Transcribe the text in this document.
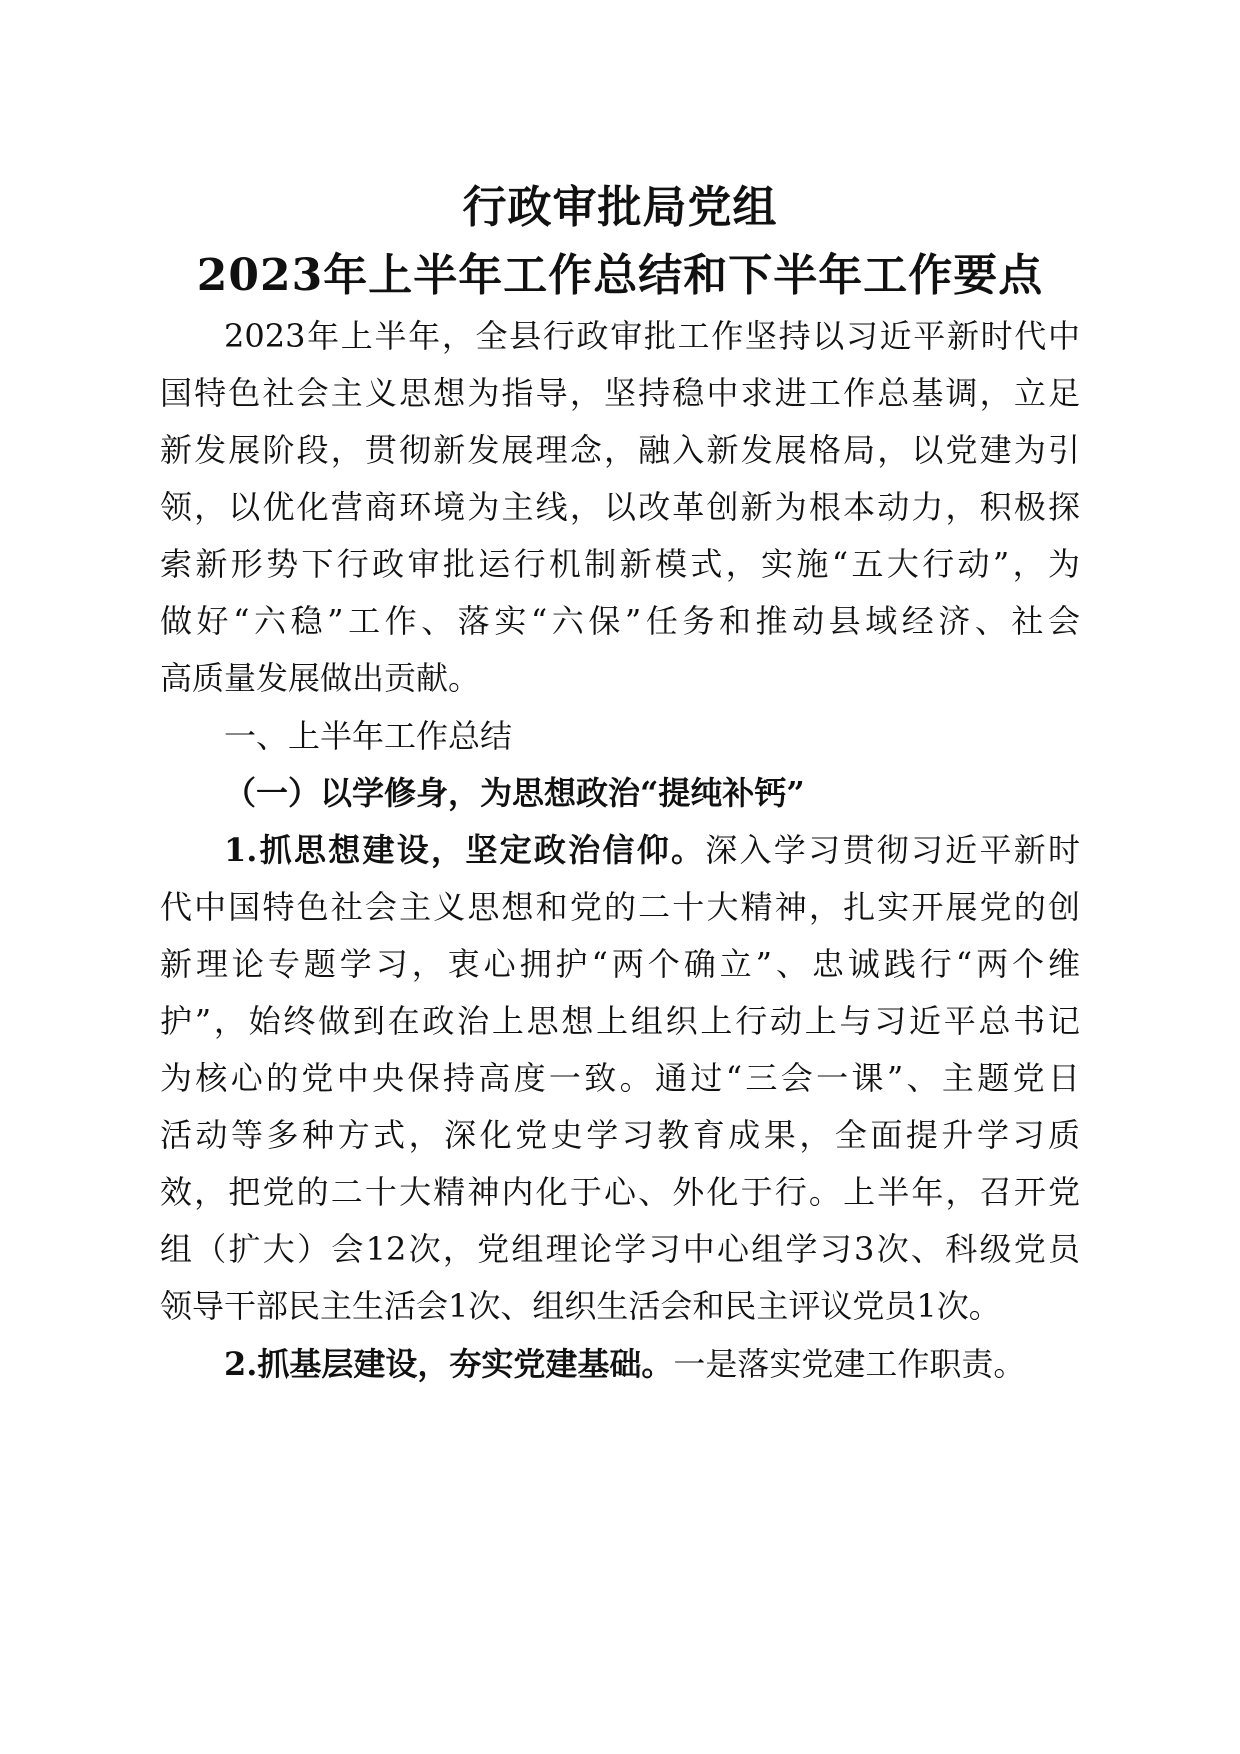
行政审批局党组
2023年上半年工作总结和下半年工作要点
2023年上半年，全县行政审批工作坚持以习近平新时代中
国特色社会主义思想为指导，坚持稳中求进工作总基调，立足
新发展阶段，贯彻新发展理念，融入新发展格局，以党建为引
领，以优化营商环境为主线，以改革创新为根本动力，积极探
索新形势下行政审批运行机制新模式，实施“五大行动”，为
做好“六稳”工作、落实“六保”任务和推动县域经济、社会
高质量发展做出贡献。
一、上半年工作总结
（一）以学修身，为思想政治“提纯补钙”
1.抓思想建设，坚定政治信仰。深入学习贯彻习近平新时
代中国特色社会主义思想和党的二十大精神，扎实开展党的创
新理论专题学习，衷心拥护“两个确立”、忠诚践行“两个维
护”，始终做到在政治上思想上组织上行动上与习近平总书记
为核心的党中央保持高度一致。通过“三会一课”、主题党日
活动等多种方式，深化党史学习教育成果，全面提升学习质
效，把党的二十大精神内化于心、外化于行。上半年，召开党
组（扩大）会12次，党组理论学习中心组学习3次、科级党员
领导干部民主生活会1次、组织生活会和民主评议党员1次。
2.抓基层建设，夯实党建基础。一是落实党建工作职责。
